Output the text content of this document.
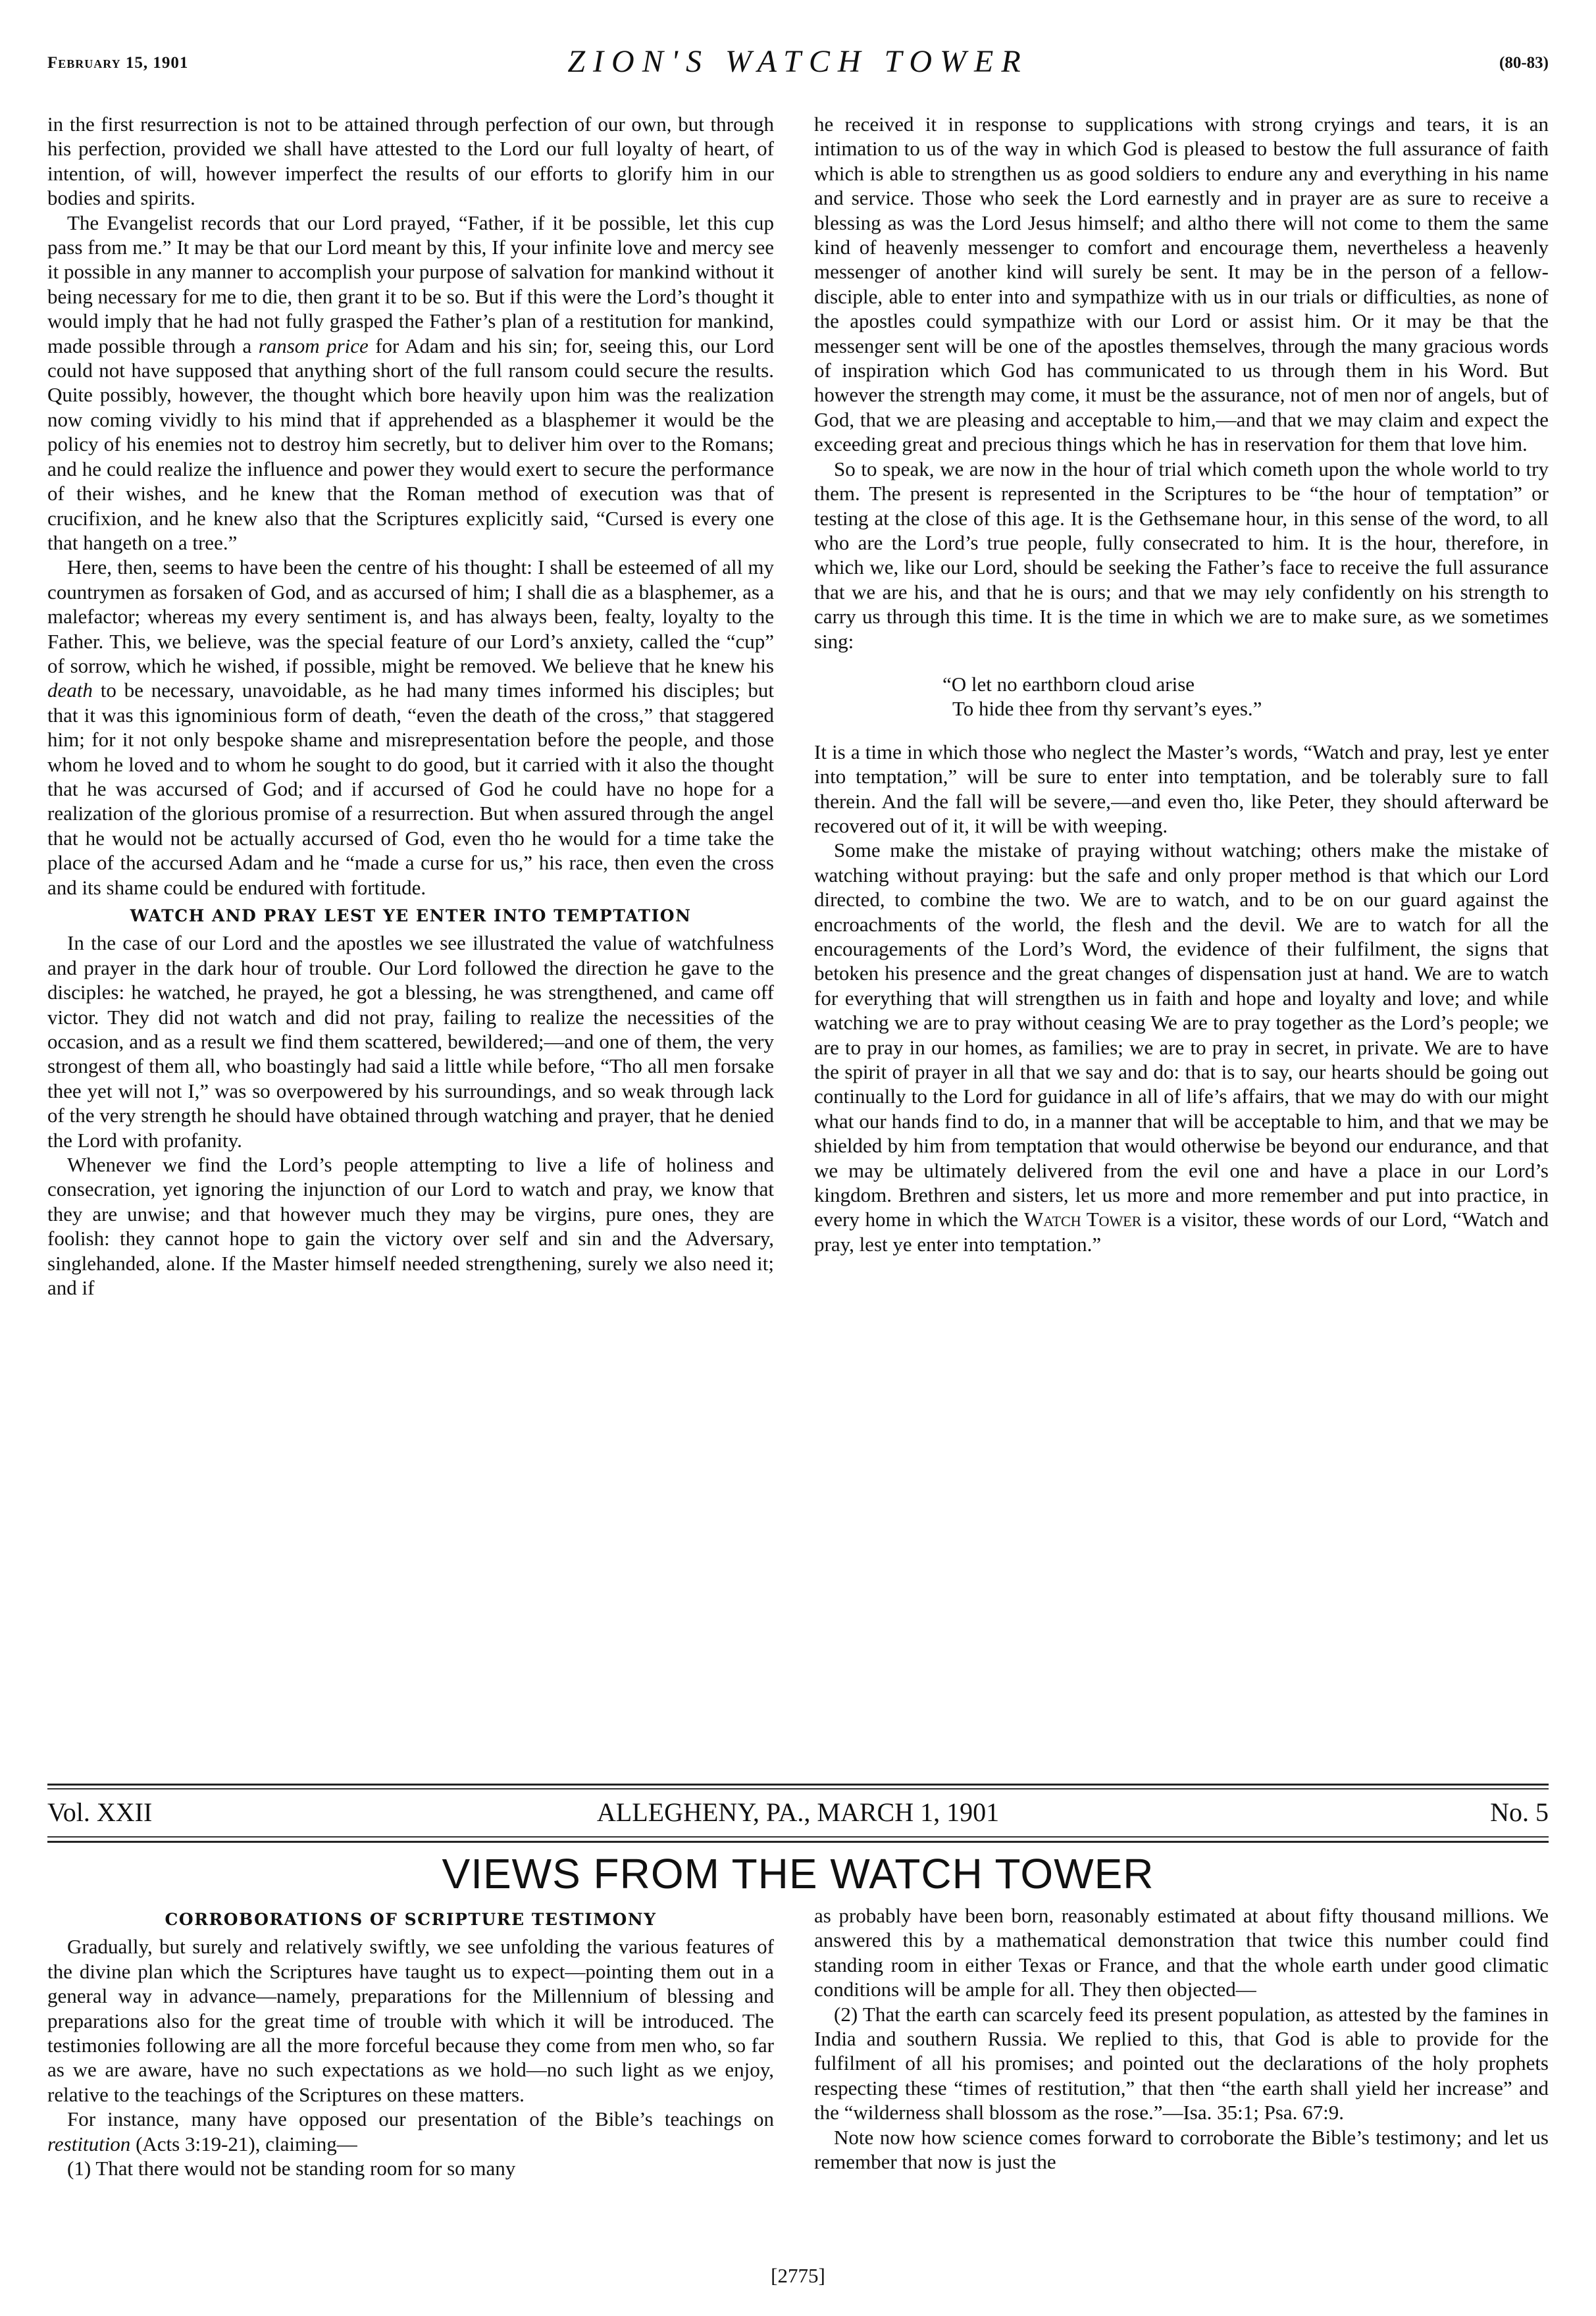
February 15, 1901	ZION'S WATCH TOWER	(80-83)

in the first resurrection is not to be attained through perfection of our own, but through his perfection, provided we shall have attested to the Lord our full loyalty of heart, of intention, of will, however imperfect the results of our efforts to glorify him in our bodies and spirits.

The Evangelist records that our Lord prayed, “Father, if it be possible, let this cup pass from me.” It may be that our Lord meant by this, If your infinite love and mercy see it possible in any manner to accomplish your purpose of salvation for mankind without it being necessary for me to die, then grant it to be so. But if this were the Lord’s thought it would imply that he had not fully grasped the Father’s plan of a restitution for mankind, made possible through a ransom price for Adam and his sin; for, seeing this, our Lord could not have supposed that anything short of the full ransom could secure the results. Quite possibly, however, the thought which bore heavily upon him was the realization now coming vividly to his mind that if apprehended as a blasphemer it would be the policy of his enemies not to destroy him secretly, but to deliver him over to the Romans; and he could realize the influence and power they would exert to secure the performance of their wishes, and he knew that the Roman method of execution was that of crucifixion, and he knew also that the Scriptures explicitly said, “Cursed is every one that hangeth on a tree.”

Here, then, seems to have been the centre of his thought: I shall be esteemed of all my countrymen as forsaken of God, and as accursed of him; I shall die as a blasphemer, as a malefactor; whereas my every sentiment is, and has always been, fealty, loyalty to the Father. This, we believe, was the special feature of our Lord’s anxiety, called the “cup” of sorrow, which he wished, if possible, might be removed. We believe that he knew his death to be necessary, unavoidable, as he had many times informed his disciples; but that it was this ignominious form of death, “even the death of the cross,” that staggered him; for it not only bespoke shame and misrepresentation before the people, and those whom he loved and to whom he sought to do good, but it carried with it also the thought that he was accursed of God; and if accursed of God he could have no hope for a realization of the glorious promise of a resurrection. But when assured through the angel that he would not be actually accursed of God, even tho he would for a time take the place of the accursed Adam and he “made a curse for us,” his race, then even the cross and its shame could be endured with fortitude.

WATCH AND PRAY LEST YE ENTER INTO TEMPTATION

In the case of our Lord and the apostles we see illustrated the value of watchfulness and prayer in the dark hour of trouble. Our Lord followed the direction he gave to the disciples: he watched, he prayed, he got a blessing, he was strengthened, and came off victor. They did not watch and did not pray, failing to realize the necessities of the occasion, and as a result we find them scattered, bewildered;—and one of them, the very strongest of them all, who boastingly had said a little while before, “Tho all men forsake thee yet will not I,” was so overpowered by his surroundings, and so weak through lack of the very strength he should have obtained through watching and prayer, that he denied the Lord with profanity.

Whenever we find the Lord’s people attempting to live a life of holiness and consecration, yet ignoring the injunction of our Lord to watch and pray, we know that they are unwise; and that however much they may be virgins, pure ones, they are foolish: they cannot hope to gain the victory over self and sin and the Adversary, singlehanded, alone. If the Master himself needed strengthening, surely we also need it; and if

he received it in response to supplications with strong cryings and tears, it is an intimation to us of the way in which God is pleased to bestow the full assurance of faith which is able to strengthen us as good soldiers to endure any and everything in his name and service. Those who seek the Lord earnestly and in prayer are as sure to receive a blessing as was the Lord Jesus himself; and altho there will not come to them the same kind of heavenly messenger to comfort and encourage them, nevertheless a heavenly messenger of another kind will surely be sent. It may be in the person of a fellow-disciple, able to enter into and sympathize with us in our trials or difficulties, as none of the apostles could sympathize with our Lord or assist him. Or it may be that the messenger sent will be one of the apostles themselves, through the many gracious words of inspiration which God has communicated to us through them in his Word. But however the strength may come, it must be the assurance, not of men nor of angels, but of God, that we are pleasing and acceptable to him,—and that we may claim and expect the exceeding great and precious things which he has in reservation for them that love him.

So to speak, we are now in the hour of trial which cometh upon the whole world to try them. The present is represented in the Scriptures to be “the hour of temptation” or testing at the close of this age. It is the Gethsemane hour, in this sense of the word, to all who are the Lord’s true people, fully consecrated to him. It is the hour, therefore, in which we, like our Lord, should be seeking the Father’s face to receive the full assurance that we are his, and that he is ours; and that we may ıely confidently on his strength to carry us through this time. It is the time in which we are to make sure, as we sometimes sing:

“O let no earthborn cloud arise
To hide thee from thy servant’s eyes.”

It is a time in which those who neglect the Master’s words, “Watch and pray, lest ye enter into temptation,” will be sure to enter into temptation, and be tolerably sure to fall therein. And the fall will be severe,—and even tho, like Peter, they should afterward be recovered out of it, it will be with weeping.

Some make the mistake of praying without watching; others make the mistake of watching without praying: but the safe and only proper method is that which our Lord directed, to combine the two. We are to watch, and to be on our guard against the encroachments of the world, the flesh and the devil. We are to watch for all the encouragements of the Lord’s Word, the evidence of their fulfilment, the signs that betoken his presence and the great changes of dispensation just at hand. We are to watch for everything that will strengthen us in faith and hope and loyalty and love; and while watching we are to pray without ceasing We are to pray together as the Lord’s people; we are to pray in our homes, as families; we are to pray in secret, in private. We are to have the spirit of prayer in all that we say and do: that is to say, our hearts should be going out continually to the Lord for guidance in all of life’s affairs, that we may do with our might what our hands find to do, in a manner that will be acceptable to him, and that we may be shielded by him from temptation that would otherwise be beyond our endurance, and that we may be ultimately delivered from the evil one and have a place in our Lord’s kingdom. Brethren and sisters, let us more and more remember and put into practice, in every home in which the Watch Tower is a visitor, these words of our Lord, “Watch and pray, lest ye enter into temptation.”

Vol. XXII	ALLEGHENY, PA., MARCH 1, 1901	No. 5
VIEWS FROM THE WATCH TOWER
CORROBORATIONS OF SCRIPTURE TESTIMONY

Gradually, but surely and relatively swiftly, we see unfolding the various features of the divine plan which the Scriptures have taught us to expect—pointing them out in a general way in advance—namely, preparations for the Millennium of blessing and preparations also for the great time of trouble with which it will be introduced. The testimonies following are all the more forceful because they come from men who, so far as we are aware, have no such expectations as we hold—no such light as we enjoy, relative to the teachings of the Scriptures on these matters.

For instance, many have opposed our presentation of the Bible’s teachings on restitution (Acts 3:19-21), claiming—

(1) That there would not be standing room for so many

as probably have been born, reasonably estimated at about fifty thousand millions. We answered this by a mathematical demonstration that twice this number could find standing room in either Texas or France, and that the whole earth under good climatic conditions will be ample for all. They then objected—

(2) That the earth can scarcely feed its present population, as attested by the famines in India and southern Russia. We replied to this, that God is able to provide for the fulfilment of all his promises; and pointed out the declarations of the holy prophets respecting these “times of restitution,” that then “the earth shall yield her increase” and the “wilderness shall blossom as the rose.”—Isa. 35:1; Psa. 67:9.

Note now how science comes forward to corroborate the Bible’s testimony; and let us remember that now is just the

[2775]
